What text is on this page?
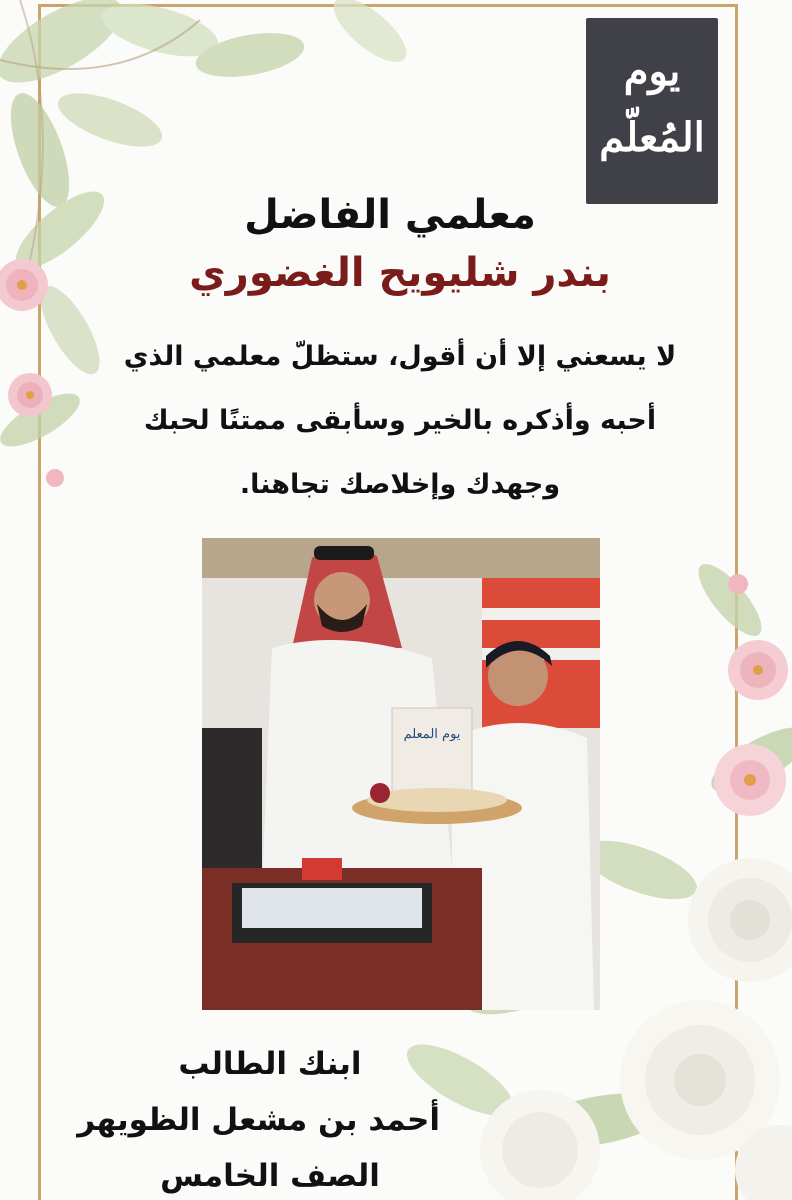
يوم
المُعلّم
معلمي الفاضل
بندر شليويح الغضوري
لا يسعني إلا أن أقول، ستظلّ معلمي الذي
أحبه وأذكره بالخير وسأبقى ممتنًا لحبك
وجهدك وإخلاصك تجاهنا.
يوم المعلم
ابنك الطالب
أحمد بن مشعل الظويهر
الصف الخامس
